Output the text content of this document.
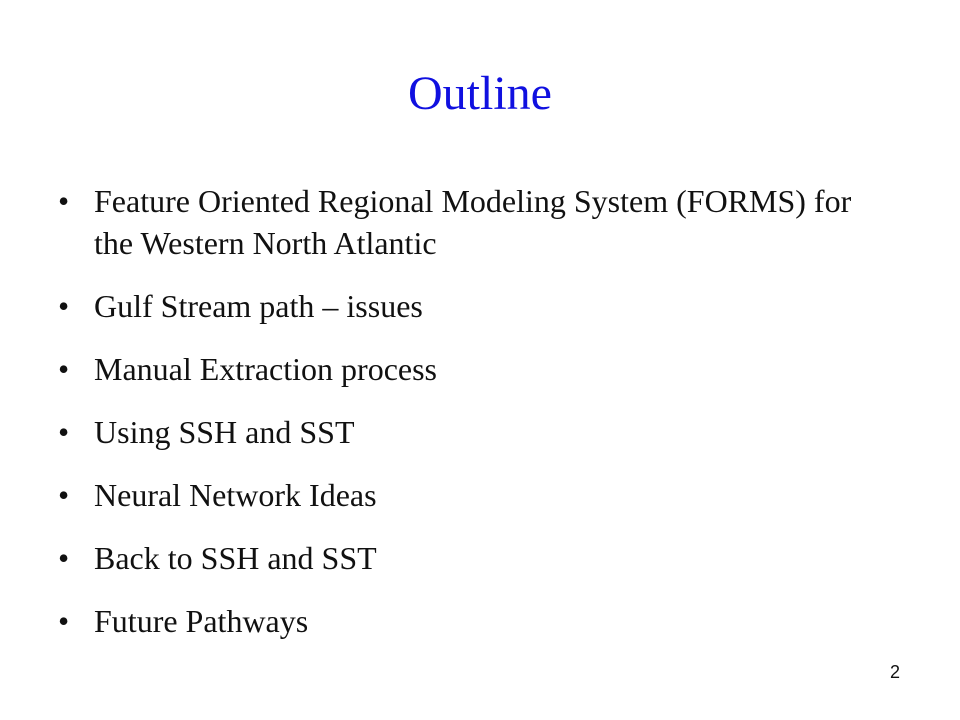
Outline
• Feature Oriented Regional Modeling System (FORMS) for the Western North Atlantic
• Gulf Stream path – issues
• Manual Extraction process
• Using SSH and SST
• Neural Network Ideas
• Back to SSH and SST
• Future Pathways
2
